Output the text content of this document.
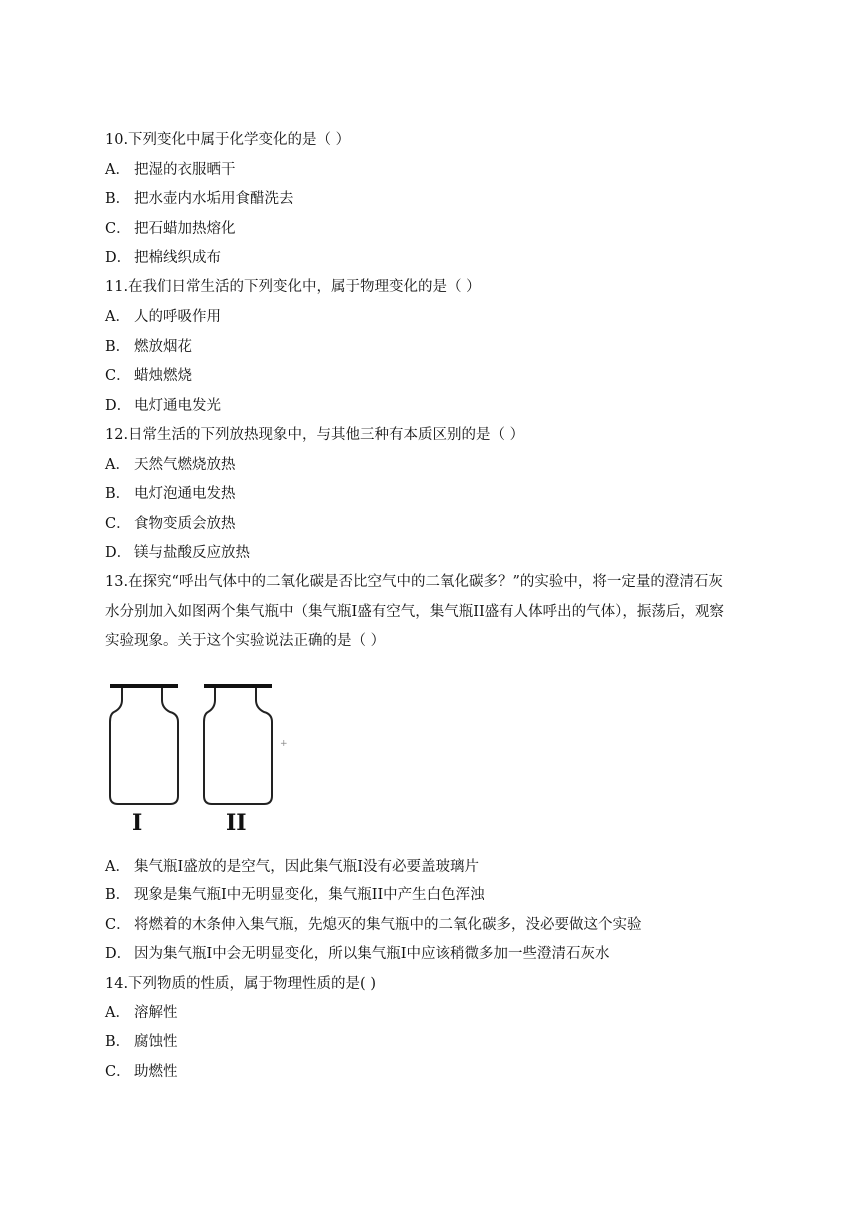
10.下列变化中属于化学变化的是（ ）
A． 把湿的衣服晒干
B． 把水壶内水垢用食醋洗去
C． 把石蜡加热熔化
D． 把棉线织成布
11.在我们日常生活的下列变化中，属于物理变化的是（ ）
A． 人的呼吸作用
B． 燃放烟花
C． 蜡烛燃烧
D． 电灯通电发光
12.日常生活的下列放热现象中，与其他三种有本质区别的是（ ）
A． 天然气燃烧放热
B． 电灯泡通电发热
C． 食物变质会放热
D． 镁与盐酸反应放热
13.在探究“呼出气体中的二氧化碳是否比空气中的二氧化碳多？”的实验中，将一定量的澄清石灰
水分别加入如图两个集气瓶中（集气瓶I盛有空气，集气瓶II盛有人体呼出的气体），振荡后，观察
实验现象。关于这个实验说法正确的是（ ）
+
I	II
A． 集气瓶I盛放的是空气，因此集气瓶I没有必要盖玻璃片
B． 现象是集气瓶I中无明显变化，集气瓶II中产生白色浑浊
C． 将燃着的木条伸入集气瓶，先熄灭的集气瓶中的二氧化碳多，没必要做这个实验
D． 因为集气瓶I中会无明显变化，所以集气瓶I中应该稍微多加一些澄清石灰水
14.下列物质的性质，属于物理性质的是( )
A． 溶解性
B． 腐蚀性
C． 助燃性
